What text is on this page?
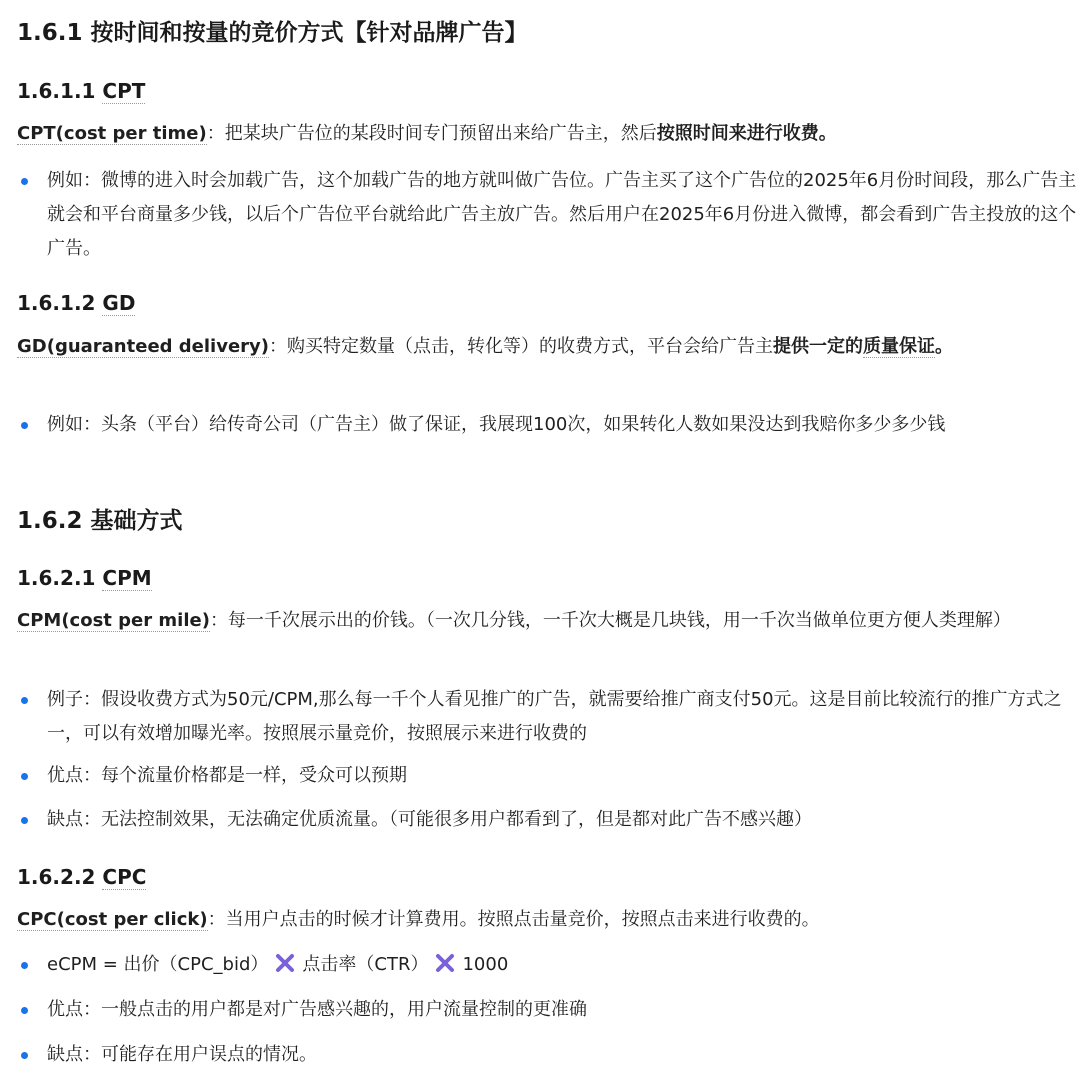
1.6.1 按时间和按量的竞价方式【针对品牌广告】
1.6.1.1 CPT
CPT(cost per time)：把某块广告位的某段时间专门预留出来给广告主，然后按照时间来进行收费。
例如：微博的进入时会加载广告，这个加载广告的地方就叫做广告位。广告主买了这个广告位的2025年6月份时间段，那么广告主就会和平台商量多少钱，以后个广告位平台就给此广告主放广告。然后用户在2025年6月份进入微博，都会看到广告主投放的这个广告。
1.6.1.2 GD
GD(guaranteed delivery)：购买特定数量（点击，转化等）的收费方式，平台会给广告主提供一定的质量保证。
例如：头条（平台）给传奇公司（广告主）做了保证，我展现100次，如果转化人数如果没达到我赔你多少多少钱
1.6.2 基础方式
1.6.2.1 CPM
CPM(cost per mile)：每一千次展示出的价钱。（一次几分钱，一千次大概是几块钱，用一千次当做单位更方便人类理解）
例子：假设收费方式为50元/CPM,那么每一千个人看见推广的广告，就需要给推广商支付50元。这是目前比较流行的推广方式之一，可以有效增加曝光率。按照展示量竞价，按照展示来进行收费的
优点：每个流量价格都是一样，受众可以预期
缺点：无法控制效果，无法确定优质流量。（可能很多用户都看到了，但是都对此广告不感兴趣）
1.6.2.2 CPC
CPC(cost per click)：当用户点击的时候才计算费用。按照点击量竞价，按照点击来进行收费的。
eCPM = 出价（CPC_bid） 点击率（CTR） 1000
优点：一般点击的用户都是对广告感兴趣的，用户流量控制的更准确
缺点：可能存在用户误点的情况。
